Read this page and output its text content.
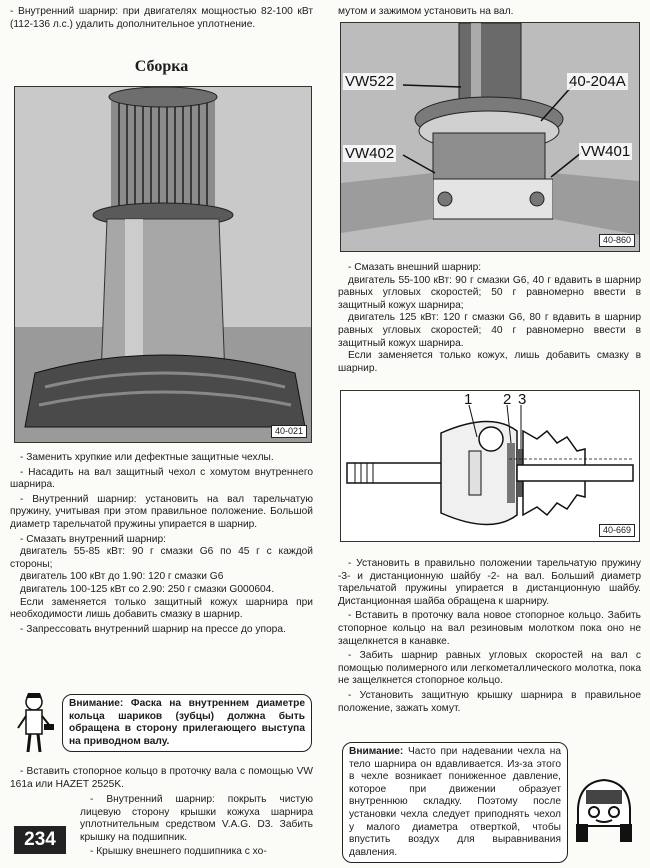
- Внутренний шарнир: при двигателях мощностью 82-100 кВт (112-136 л.с.) удалить дополнительное уплотнение.

Сборка
40-021

- Заменить хрупкие или дефектные защитные чехлы.

- Насадить на вал защитный чехол с хомутом внутреннего шарнира.

- Внутренний шарнир: установить на вал тарельчатую пружину, учитывая при этом правильное положение. Большой диаметр тарельчатой пружины упирается в шарнир.

- Смазать внутренний шарнир:

двигатель 55-85 кВт: 90 г смазки G6 по 45 г с каждой стороны;

двигатель 100 кВт до 1.90: 120 г смазки G6

двигатель 100-125 кВт со 2.90: 250 г смазки G000604.

Если заменяется только защитный кожух шарнира при необходимости лишь добавить смазку в шарнир.

- Запрессовать внутренний шарнир на прессе до упора.

Внимание: Фаска на внутреннем диаметре кольца шариков (зубцы) должна быть обращена в сторону прилегающего выступа на приводном валу.

- Вставить стопорное кольцо в проточку вала с помощью VW 161a или HAZET 2525K.

- Внутренний шарнир: покрыть чистую лицевую сторону крышки кожуха шарнира уплотнительным средством V.A.G. D3. Забить крышку на подшипник.

- Крышку внешнего подшипника с хо-

234

мутом и зажимом установить на вал.

VW522	40-204A
VW402	VW401
40-860

- Смазать внешний шарнир:

двигатель 55-100 кВт: 90 г смазки G6, 40 г вдавить в шарнир равных угловых скоростей; 50 г равномерно ввести в защитный кожух шарнира;

двигатель 125 кВт: 120 г смазки G6, 80 г вдавить в шарнир равных угловых скоростей; 40 г равномерно ввести в защитный кожух шарнира.

Если заменяется только кожух, лишь добавить смазку в шарнир.

1 2 3
40-669

- Установить в правильно положении тарельчатую пружину -3- и дистанционную шайбу -2- на вал. Больший диаметр тарельчатой пружины упирается в дистанционную шайбу. Дистанционная шайба обращена к шарниру.

- Вставить в проточку вала новое стопорное кольцо. Забить стопорное кольцо на вал резиновым молотком пока оно не защелкнется в канавке.

- Забить шарнир равных угловых скоростей на вал с помощью полимерного или легкометаллического молотка, пока не защелкнется стопорное кольцо.

- Установить защитную крышку шарнира в правильное положение, зажать хомут.

Внимание: Часто при надевании чехла на тело шарнира он вдавливается. Из-за этого в чехле возникает пониженное давление, которое при движении образует внутреннюю складку. Поэтому после установки чехла следует приподнять чехол у малого диаметра отверткой, чтобы впустить воздух для выравнивания давления.
